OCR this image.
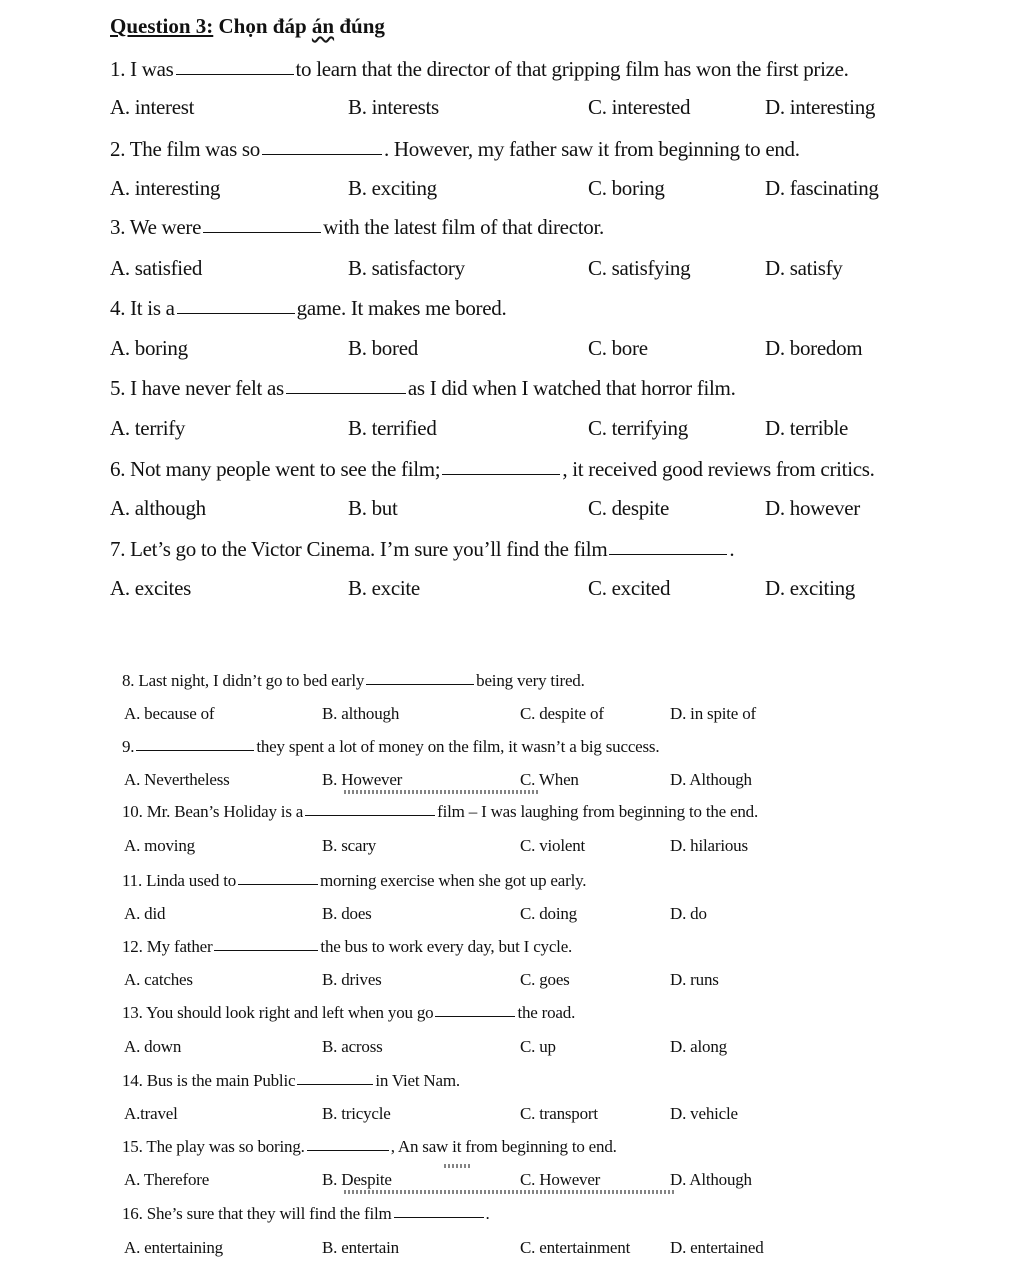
Question 3: Chọn đáp án đúng
1. I was	to learn that the director of that gripping film has won the first prize.
A. interest	B. interests	C. interested	D. interesting
2. The film was so	. However, my father saw it from beginning to end.
A. interesting	B. exciting	C. boring	D. fascinating
3. We were	with the latest film of that director.
A. satisfied	B. satisfactory	C. satisfying	D. satisfy
4. It is a	game. It makes me bored.
A. boring	B. bored	C. bore	D. boredom
5. I have never felt as	as I did when I watched that horror film.
A. terrify	B. terrified	C. terrifying	D. terrible
6. Not many people went to see the film;	, it received good reviews from critics.
A. although	B. but	C. despite	D. however
7. Let’s go to the Victor Cinema. I’m sure you’ll find the film	.
A. excites	B. excite	C. excited	D. exciting
8. Last night, I didn’t go to bed early	being very tired.
A. because of	B. although	C. despite of	D. in spite of
9.	they spent a lot of money on the film, it wasn’t a big success.
A. Nevertheless	B. However	C. When	D. Although
10. Mr. Bean’s Holiday is a	film – I was laughing from beginning to the end.
A. moving	B. scary	C. violent	D. hilarious
11. Linda used to	morning exercise when she got up early.
A. did	B. does	C. doing	D. do
12. My father	the bus to work every day, but I cycle.
A. catches	B. drives	C. goes	D. runs
13. You should look right and left when you go	the road.
A. down	B. across	C. up	D. along
14. Bus is the main Public	in Viet Nam.
A.travel	B. tricycle	C. transport	D. vehicle
15. The play was so boring.	, An saw it from beginning to end.
A. Therefore	B. Despite	C. However	D. Although
16. She’s sure that they will find the film	.
A. entertaining	B. entertain	C. entertainment D. entertained
